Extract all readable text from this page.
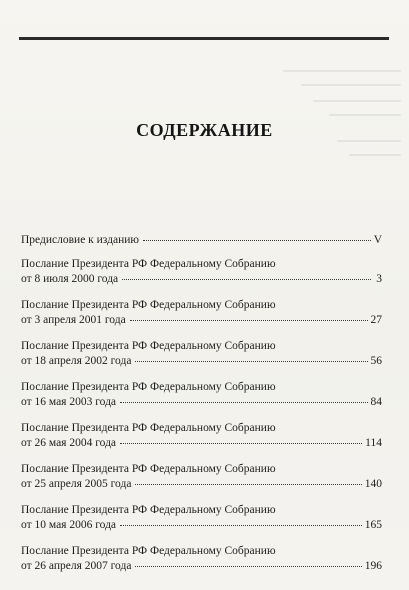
СОДЕРЖАНИЕ
Предисловие к изданию	V
Послание Президента РФ Федеральному Собранию
от 8 июля 2000 года	3
Послание Президента РФ Федеральному Собранию
от 3 апреля 2001 года	27
Послание Президента РФ Федеральному Собранию
от 18 апреля 2002 года	56
Послание Президента РФ Федеральному Собранию
от 16 мая 2003 года	84
Послание Президента РФ Федеральному Собранию
от 26 мая 2004 года	114
Послание Президента РФ Федеральному Собранию
от 25 апреля 2005 года	140
Послание Президента РФ Федеральному Собранию
от 10 мая 2006 года	165
Послание Президента РФ Федеральному Собранию
от 26 апреля 2007 года	196
